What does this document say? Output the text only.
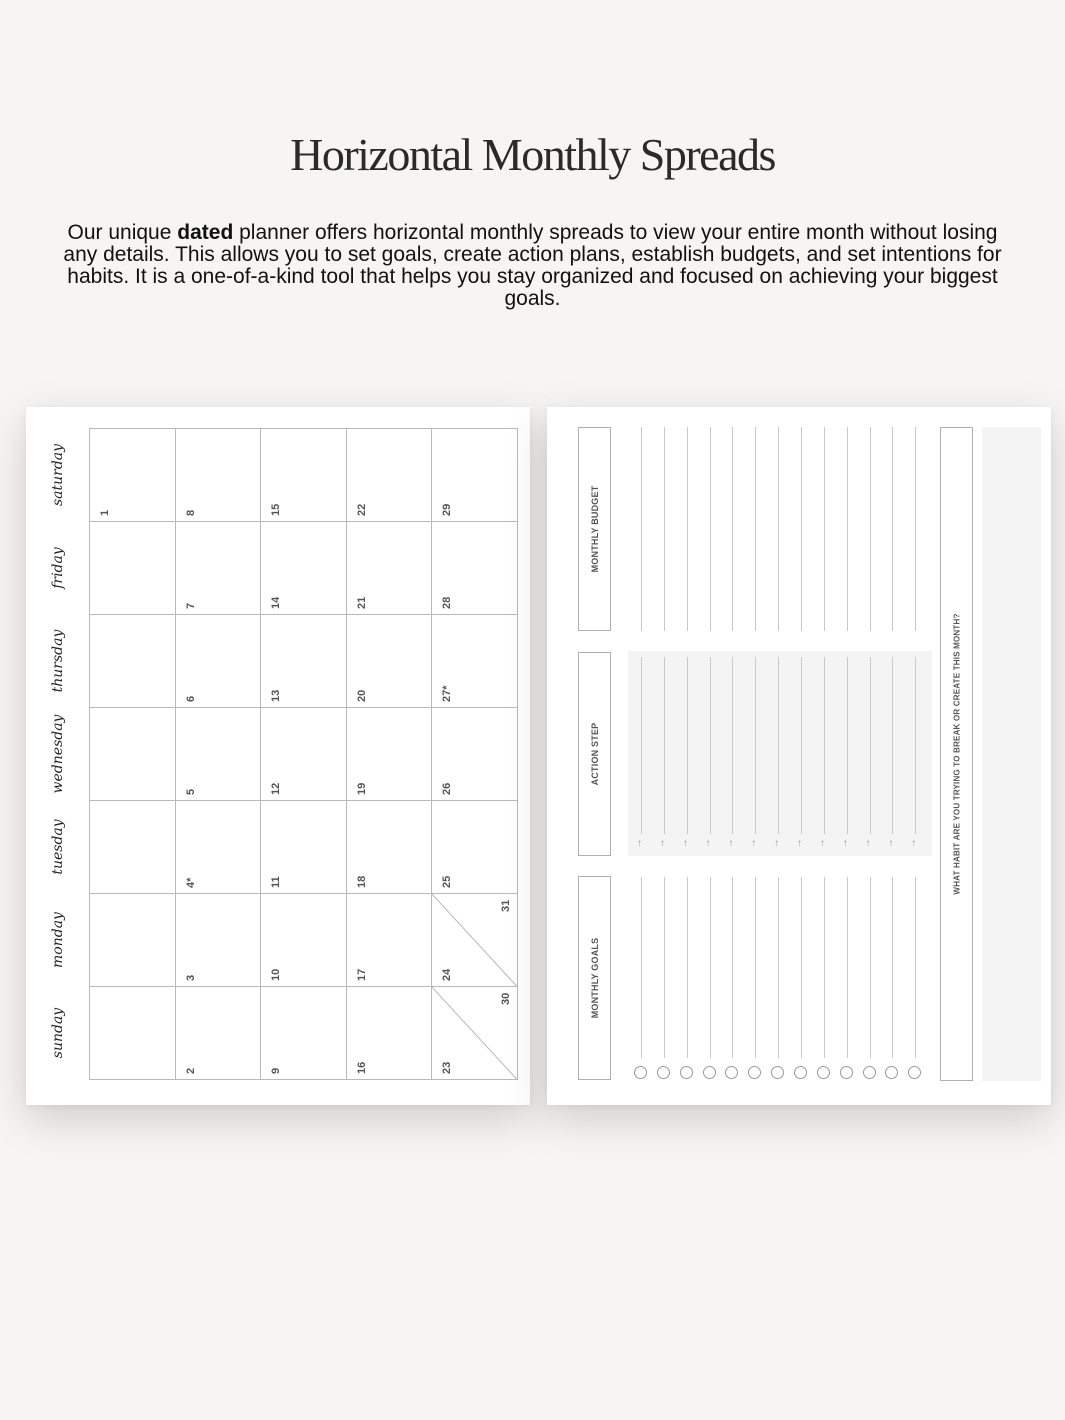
Horizontal Monthly Spreads

Our unique dated planner offers horizontal monthly spreads to view your entire month without losing any details. This allows you to set goals, create action plans, establish budgets, and set intentions for habits. It is a one-of-a-kind tool that helps you stay organized and focused on achieving your biggest goals.

1	8
7
6
5
4*
3
2
15
14
13
12
11
10
9
22
21
20
19
18
17
16
29
28
27*
26
25
24
23
31
30
saturday
friday
thursday
wednesday
tuesday
monday
sunday
MONTHLY BUDGET
ACTION STEP
MONTHLY GOALS
↑ ↑ ↑ ↑ ↑ ↑ ↑ ↑ ↑ ↑ ↑ ↑ ↑	WHAT HABIT ARE YOU TRYING TO BREAK OR CREATE THIS MONTH?
